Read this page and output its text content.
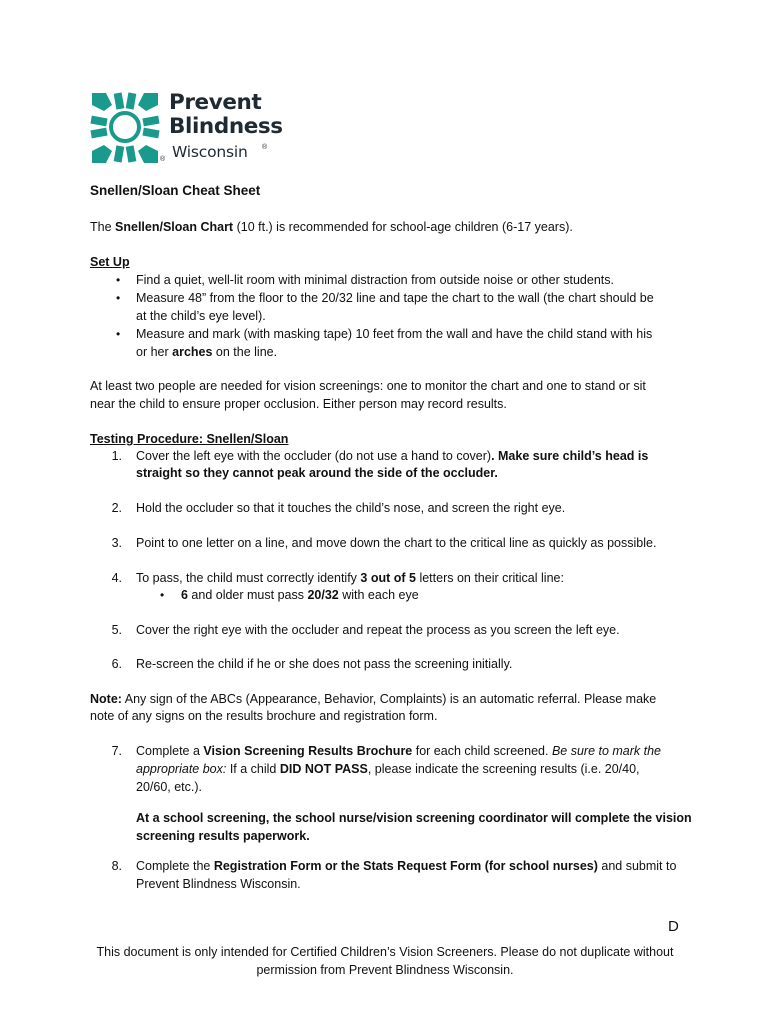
Prevent
Blindness
® Wisconsin ®
Snellen/Sloan Cheat Sheet
The Snellen/Sloan Chart (10 ft.) is recommended for school-age children (6-17 years).
Set Up
• Find a quiet, well-lit room with minimal distraction from outside noise or other students.
• Measure 48” from the floor to the 20/32 line and tape the chart to the wall (the chart should be
at the child’s eye level).
• Measure and mark (with masking tape) 10 feet from the wall and have the child stand with his
or her arches on the line.
At least two people are needed for vision screenings: one to monitor the chart and one to stand or sit
near the child to ensure proper occlusion. Either person may record results.
Testing Procedure: Snellen/Sloan
1. Cover the left eye with the occluder (do not use a hand to cover). Make sure child’s head is
straight so they cannot peak around the side of the occluder.
2. Hold the occluder so that it touches the child’s nose, and screen the right eye.
3. Point to one letter on a line, and move down the chart to the critical line as quickly as possible.
4. To pass, the child must correctly identify 3 out of 5 letters on their critical line:
• 6 and older must pass 20/32 with each eye
5. Cover the right eye with the occluder and repeat the process as you screen the left eye.
6. Re-screen the child if he or she does not pass the screening initially.
Note: Any sign of the ABCs (Appearance, Behavior, Complaints) is an automatic referral. Please make
note of any signs on the results brochure and registration form.
7. Complete a Vision Screening Results Brochure for each child screened. Be sure to mark the
appropriate box: If a child DID NOT PASS, please indicate the screening results (i.e. 20/40,
20/60, etc.).
At a school screening, the school nurse/vision screening coordinator will complete the vision
screening results paperwork.
8. Complete the Registration Form or the Stats Request Form (for school nurses) and submit to
Prevent Blindness Wisconsin.
D
This document is only intended for Certified Children’s Vision Screeners. Please do not duplicate without
permission from Prevent Blindness Wisconsin.
